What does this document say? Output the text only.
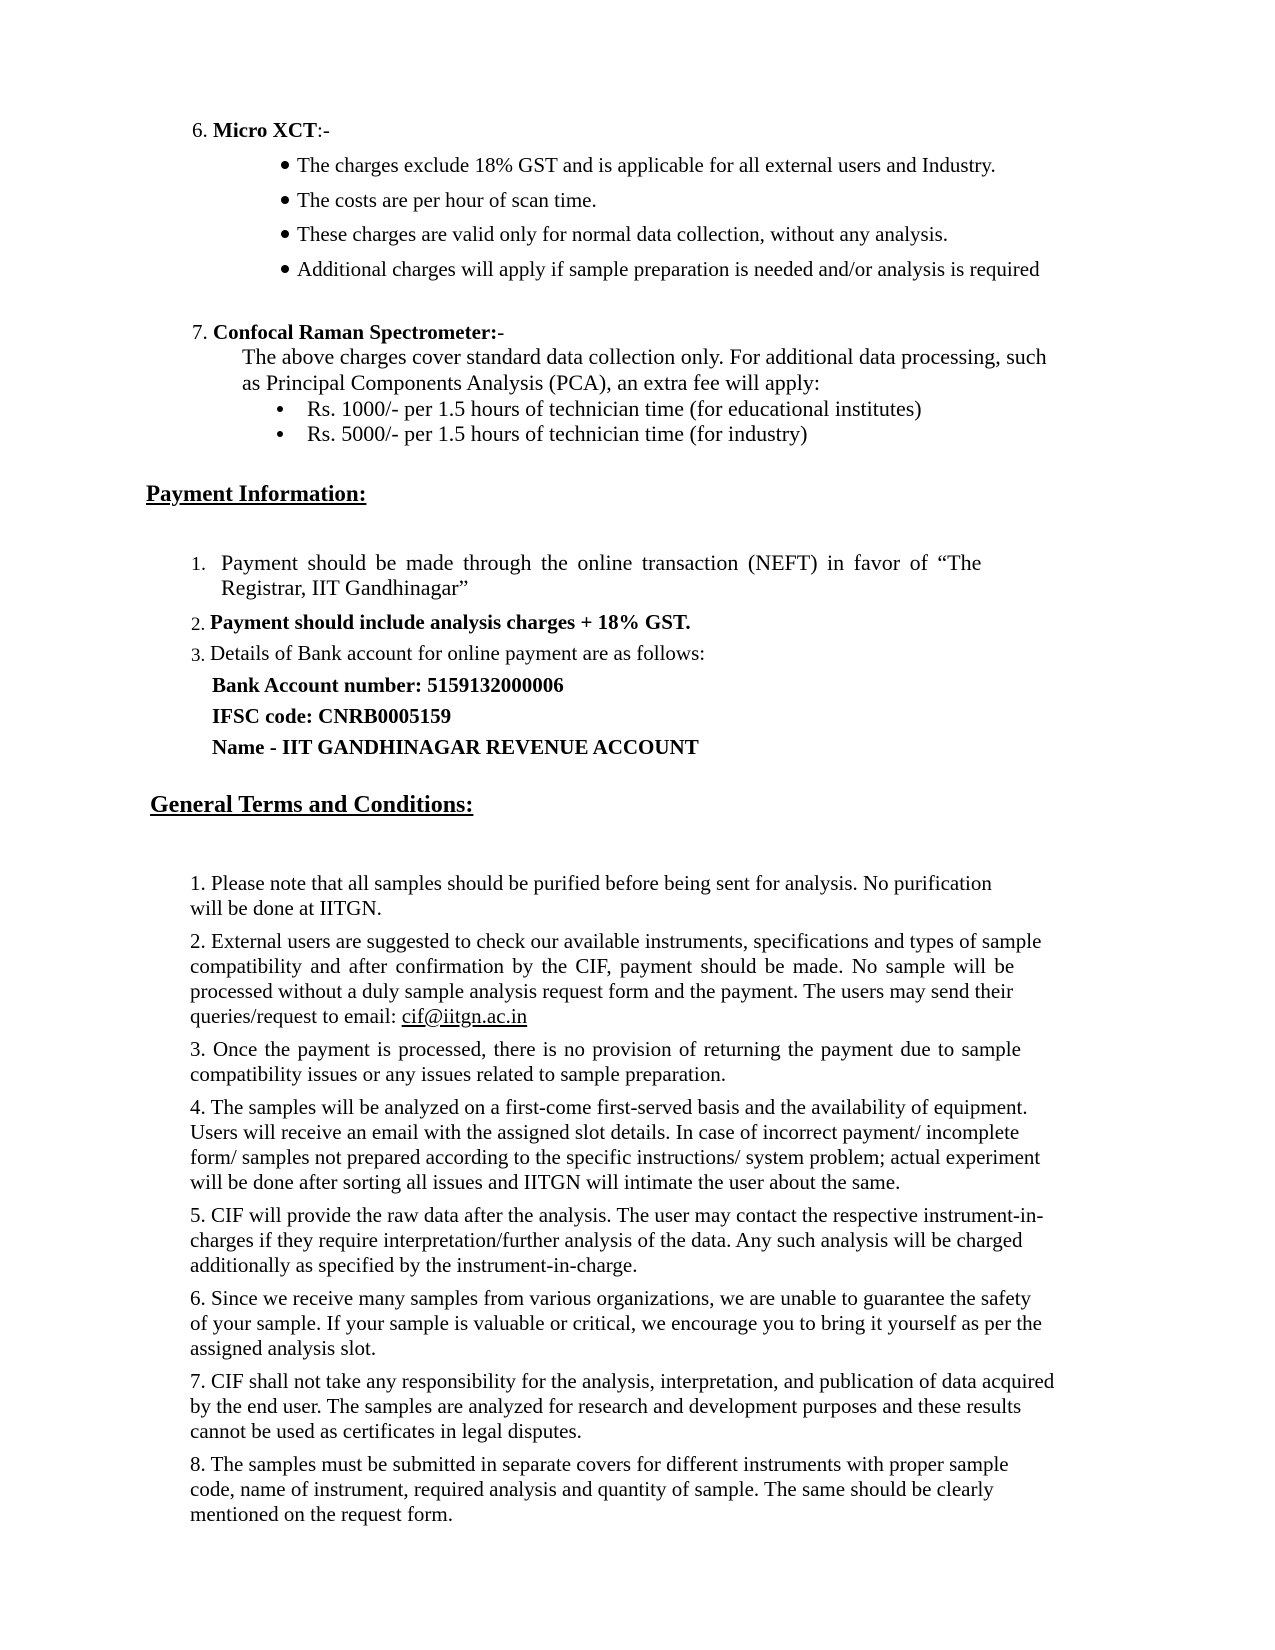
6. Micro XCT:-
The charges exclude 18% GST and is applicable for all external users and Industry.
The costs are per hour of scan time.
These charges are valid only for normal data collection, without any analysis.
Additional charges will apply if sample preparation is needed and/or analysis is required
7. Confocal Raman Spectrometer:-
The above charges cover standard data collection only. For additional data processing, such
as Principal Components Analysis (PCA), an extra fee will apply:
Rs. 1000/- per 1.5 hours of technician time (for educational institutes)
Rs. 5000/- per 1.5 hours of technician time (for industry)
Payment Information:
1. Payment should be made through the online transaction (NEFT) in favor of “The
Registrar, IIT Gandhinagar”
2. Payment should include analysis charges + 18% GST.
3. Details of Bank account for online payment are as follows:
Bank Account number: 5159132000006
IFSC code: CNRB0005159
Name - IIT GANDHINAGAR REVENUE ACCOUNT
General Terms and Conditions:
1. Please note that all samples should be purified before being sent for analysis. No purification
will be done at IITGN.
2. External users are suggested to check our available instruments, specifications and types of sample
compatibility and after confirmation by the CIF, payment should be made. No sample will be
processed without a duly sample analysis request form and the payment. The users may send their
queries/request to email: cif@iitgn.ac.in
3. Once the payment is processed, there is no provision of returning the payment due to sample
compatibility issues or any issues related to sample preparation.
4. The samples will be analyzed on a first-come first-served basis and the availability of equipment.
Users will receive an email with the assigned slot details. In case of incorrect payment/ incomplete
form/ samples not prepared according to the specific instructions/ system problem; actual experiment
will be done after sorting all issues and IITGN will intimate the user about the same.
5. CIF will provide the raw data after the analysis. The user may contact the respective instrument-in-
charges if they require interpretation/further analysis of the data. Any such analysis will be charged
additionally as specified by the instrument-in-charge.
6. Since we receive many samples from various organizations, we are unable to guarantee the safety
of your sample. If your sample is valuable or critical, we encourage you to bring it yourself as per the
assigned analysis slot.
7. CIF shall not take any responsibility for the analysis, interpretation, and publication of data acquired
by the end user. The samples are analyzed for research and development purposes and these results
cannot be used as certificates in legal disputes.
8. The samples must be submitted in separate covers for different instruments with proper sample
code, name of instrument, required analysis and quantity of sample. The same should be clearly
mentioned on the request form.
